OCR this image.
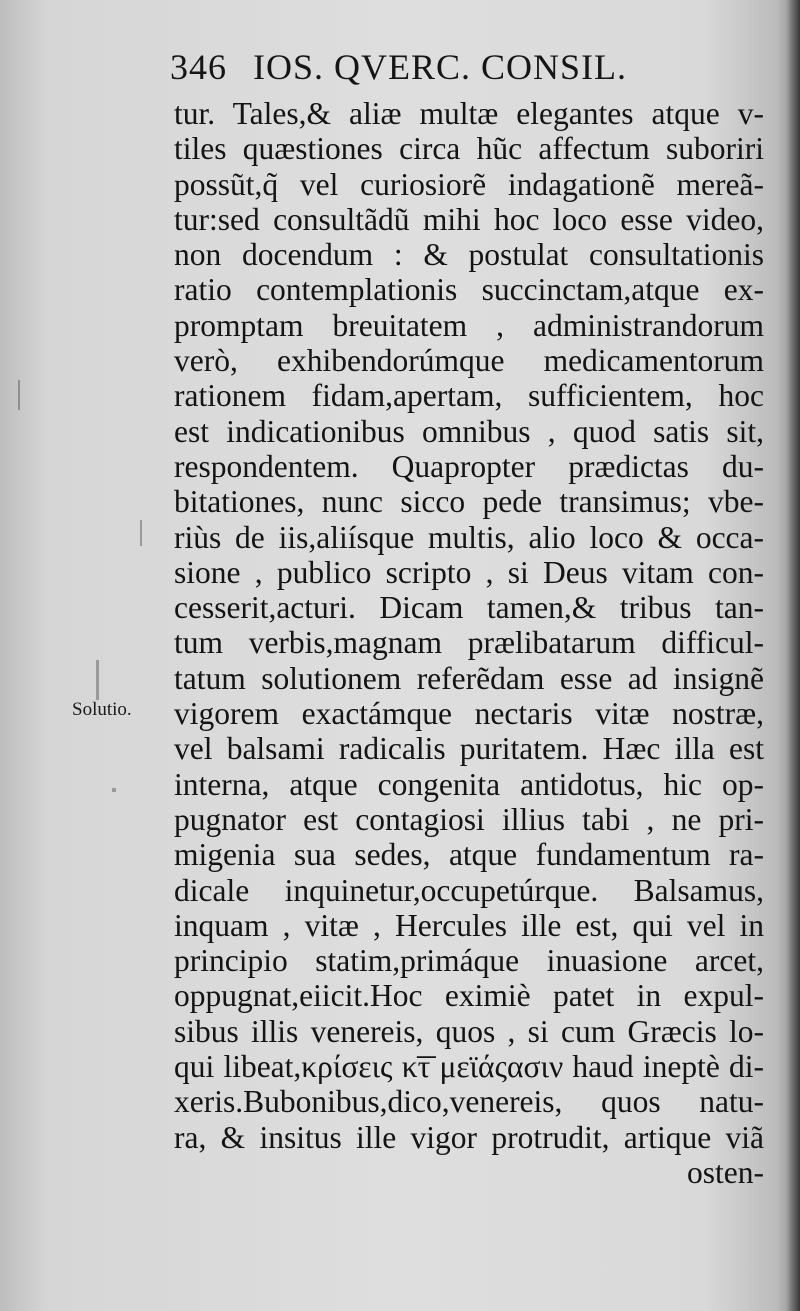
346 IOS. QVERC. CONSIL.
Solutio.
tur. Tales,& aliæ multæ elegantes atque v-
tiles quæstiones circa hũc affectum suboriri
possũt,q̃ vel curiosiorẽ indagationẽ mereã-
tur:sed consultãdũ mihi hoc loco esse video,
non docendum : & postulat consultationis
ratio contemplationis succinctam,atque ex-
promptam breuitatem , administrandorum
verò, exhibendorúmque medicamentorum
rationem fidam,apertam, sufficientem, hoc
est indicationibus omnibus , quod satis sit,
respondentem. Quapropter prædictas du-
bitationes, nunc sicco pede transimus; vbe-
riùs de iis,aliísque multis, alio loco & occa-
sione , publico scripto , si Deus vitam con-
cesserit,acturi. Dicam tamen,& tribus tan-
tum verbis,magnam prælibatarum difficul-
tatum solutionem referẽdam esse ad insignẽ
vigorem exactámque nectaris vitæ nostræ,
vel balsami radicalis puritatem. Hæc illa est
interna, atque congenita antidotus, hic op-
pugnator est contagiosi illius tabi , ne pri-
migenia sua sedes, atque fundamentum ra-
dicale inquinetur,occupetúrque. Balsamus,
inquam , vitæ , Hercules ille est, qui vel in
principio statim,primáque inuasione arcet,
oppugnat,eiicit.Hoc eximiè patet in expul-
sibus illis venereis, quos , si cum Græcis lo-
qui libeat,κρίσεις κ͞τ μεϊάςασιν haud ineptè di-
xeris.Bubonibus,dico,venereis, quos natu-
ra, & insitus ille vigor protrudit, artique viã
osten-
